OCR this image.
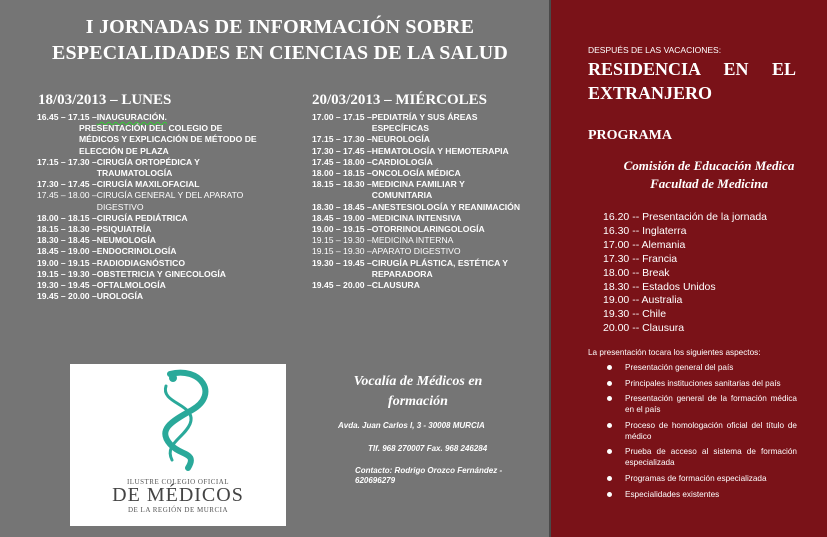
I JORNADAS DE INFORMACIÓN SOBRE
ESPECIALIDADES EN CIENCIAS DE LA SALUD
18/03/2013 – LUNES	20/03/2013 – MIÉRCOLES
16.45 – 17.15 – INAUGURACIÓN.
PRESENTACIÓN DEL COLEGIO DE MÉDICOS Y EXPLICACIÓN DE MÉTODO DE ELECCIÓN DE PLAZA
17.15 – 17.30 – CIRUGÍA ORTOPÉDICA Y TRAUMATOLOGÍA
17.30 – 17.45 – CIRUGÍA MAXILOFACIAL
17.45 – 18.00 – CIRUGÍA GENERAL Y DEL APARATO DIGESTIVO
18.00 – 18.15 – CIRUGÍA PEDIÁTRICA
18.15 – 18.30 – PSIQUIATRÍA
18.30 – 18.45 – NEUMOLOGÍA
18.45 – 19.00 – ENDOCRINOLOGÍA
19.00 – 19.15 – RADIODIAGNÓSTICO
19.15 – 19.30 – OBSTETRICIA Y GINECOLOGÍA
19.30 – 19.45 – OFTALMOLOGÍA
19.45 – 20.00 – UROLOGÍA
17.00 – 17.15 – PEDIATRÍA Y SUS ÁREAS ESPECÍFICAS
17.15 – 17.30 – NEUROLOGÍA
17.30 – 17.45 – HEMATOLOGÍA Y HEMOTERAPIA
17.45 – 18.00 – CARDIOLOGÍA
18.00 – 18.15 – ONCOLOGÍA MÉDICA
18.15 – 18.30 – MEDICINA FAMILIAR Y COMUNITARIA
18.30 – 18.45 – ANESTESIOLOGÍA Y REANIMACIÓN
18.45 – 19.00 – MEDICINA INTENSIVA
19.00 – 19.15 – OTORRINOLARINGOLOGÍA
19.15 – 19.30 – MEDICINA INTERNA
19.15 – 19.30 – APARATO DIGESTIVO
19.30 – 19.45 – CIRUGÍA PLÁSTICA, ESTÉTICA Y REPARADORA
19.45 – 20.00 – CLAUSURA
ILUSTRE COLEGIO OFICIAL
DE MÉDICOS
DE LA REGIÓN DE MURCIA
Vocalía de Médicos en formación
Avda. Juan Carlos I, 3 - 30008 MURCIA
Tlf. 968 270007 Fax. 968 246284
Contacto: Rodrigo Orozco Fernández - 620696279
DESPUÉS DE LAS VACACIONES:
RESIDENCIA EN EL
EXTRANJERO
PROGRAMA
Comisión de Educación Medica
Facultad de Medicina
16.20 -- Presentación de la jornada
16.30 -- Inglaterra
17.00 -- Alemania
17.30 -- Francia
18.00 -- Break
18.30 -- Estados Unidos
19.00 -- Australia
19.30 -- Chile
20.00 -- Clausura
La presentación tocara los siguientes aspectos:
Presentación general del país
Principales instituciones sanitarias del país
Presentación general de la formación médica en el país
Proceso de homologación oficial del título de médico
Prueba de acceso al sistema de formación especializada
Programas de formación especializada
Especialidades existentes
